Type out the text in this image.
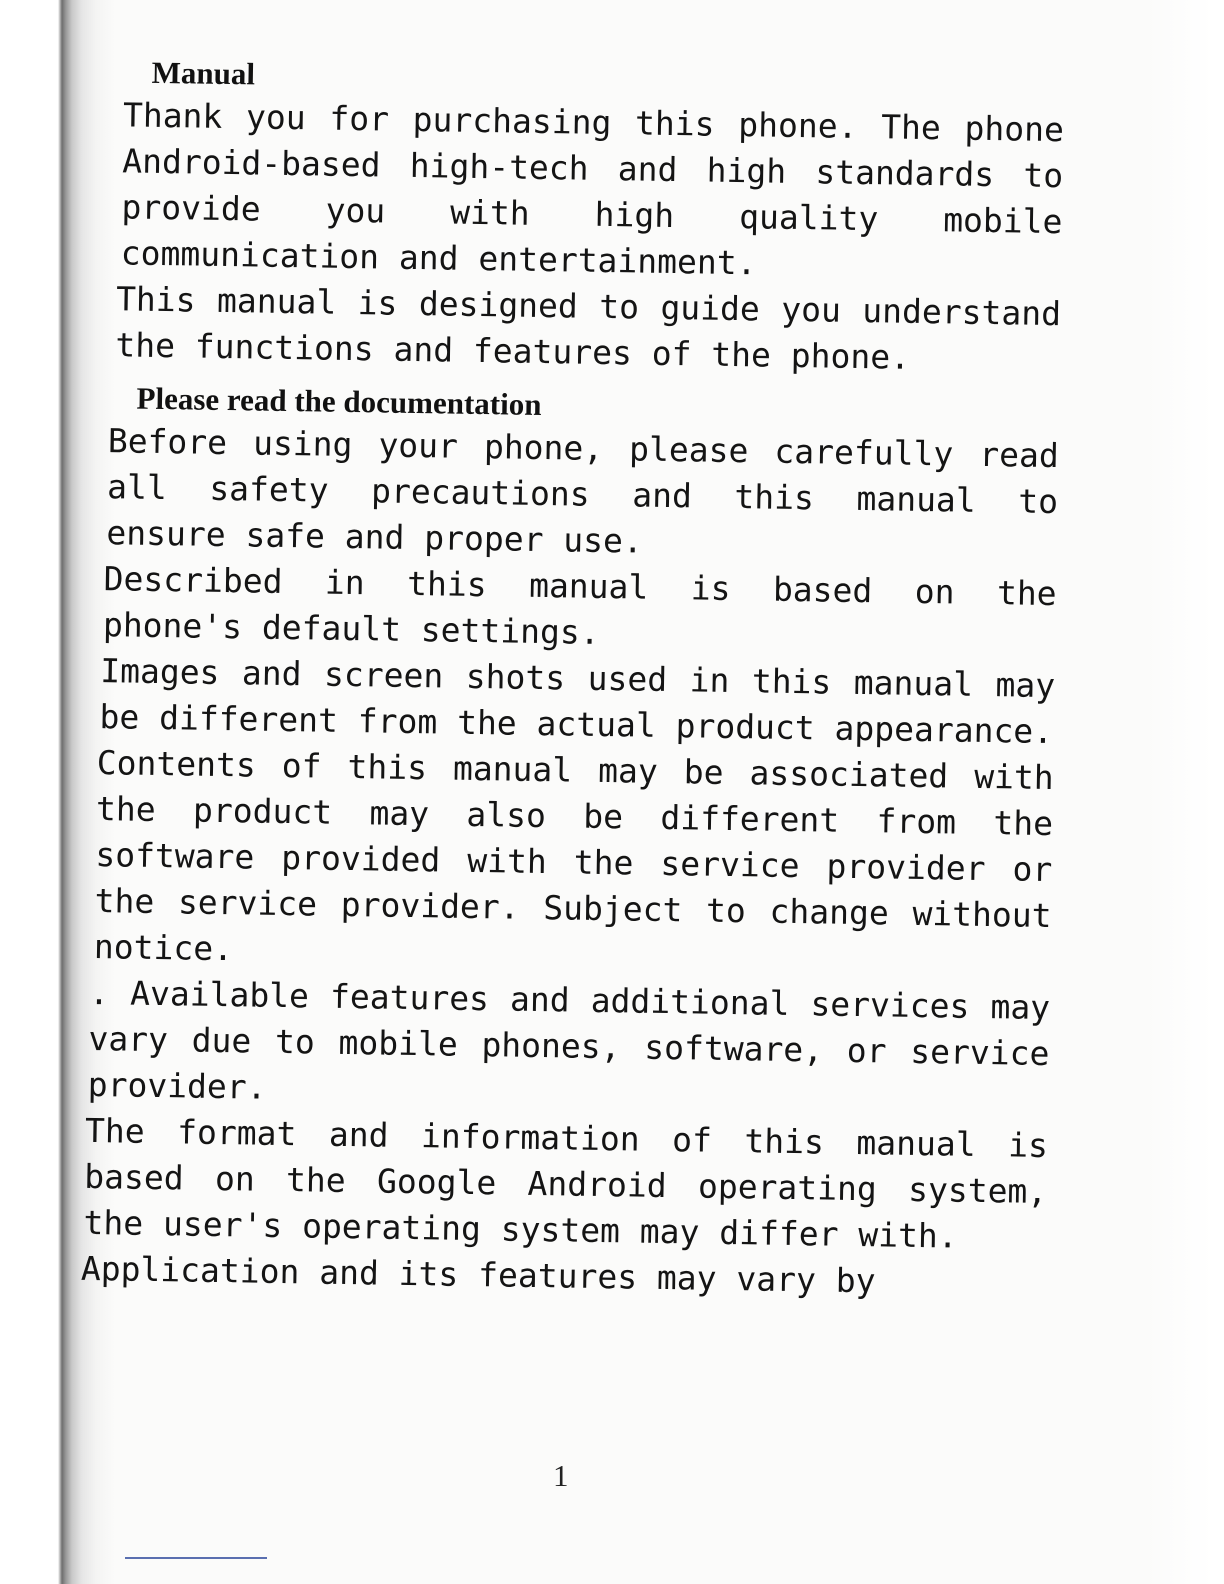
Manual

Thank you for purchasing this phone. The phone Android-based high-tech and high standards to provide you with high quality mobile communication and entertainment.

This manual is designed to guide you understand the functions and features of the phone.

Please read the documentation

Before using your phone, please carefully read all safety precautions and this manual to ensure safe and proper use.

Described in this manual is based on the phone's default settings.

Images and screen shots used in this manual may be different from the actual product appearance.

Contents of this manual may be associated with the product may also be different from the software provided with the service provider or the service provider. Subject to change without notice.

. Available features and additional services may vary due to mobile phones, software, or service provider.

The format and information of this manual is based on the Google Android operating system, the user's operating system may differ with.

Application and its features may vary by

1
